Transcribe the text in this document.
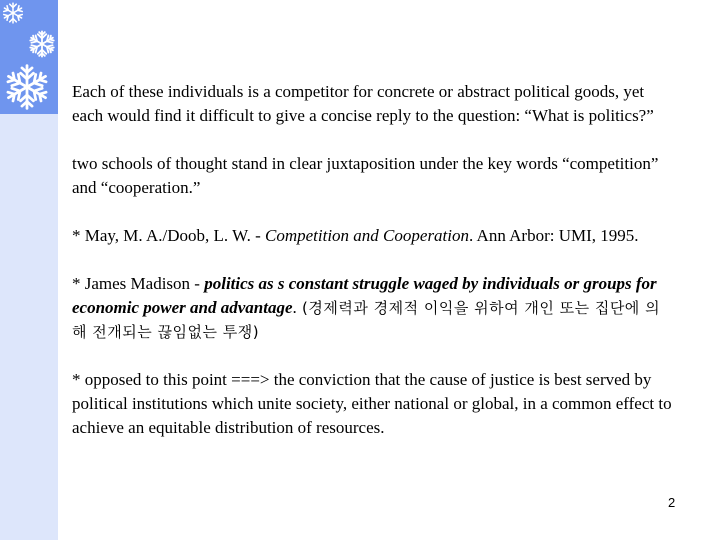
Each of these individuals is a competitor for concrete or abstract political goods, yet each would find it difficult to give a concise reply to the question: “What is politics?”

two schools of thought stand in clear juxtaposition under the key words “competition” and “cooperation.”

* May, M. A./Doob, L. W. - Competition and Cooperation. Ann Arbor: UMI, 1995.

* James Madison - politics as s constant struggle waged by individuals or groups for economic power and advantage. (경제력과 경제적 이익을 위하여 개인 또는 집단에 의해 전개되는 끊임없는 투쟁)

* opposed to this point ===> the conviction that the cause of justice is best served by political institutions which unite society, either national or global, in a common effect to achieve an equitable distribution of resources.

2
